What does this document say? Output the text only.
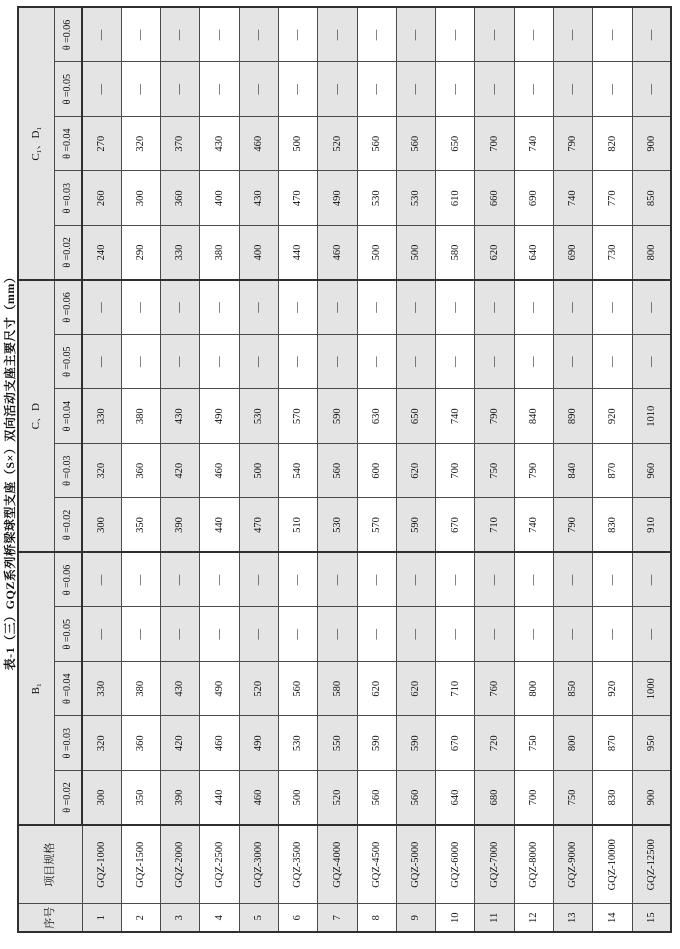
表-1（三）GQZ系列桥梁球型支座（S×）双向活动支座主要尺寸（mm）
序号	项目规格	B₁					C、D					C₁、D₁				
		θ =0.02	θ =0.03	θ =0.04	θ =0.05	θ =0.06	θ =0.02	θ =0.03	θ =0.04	θ =0.05	θ =0.06	θ =0.02	θ =0.03	θ =0.04	θ =0.05	θ =0.06
1	GQZ-1000	300	320	330	—	—	300	320	330	—	—	240	260	270	—	—
2	GQZ-1500	350	360	380	—	—	350	360	380	—	—	290	300	320	—	—
3	GQZ-2000	390	420	430	—	—	390	420	430	—	—	330	360	370	—	—
4	GQZ-2500	440	460	490	—	—	440	460	490	—	—	380	400	430	—	—
5	GQZ-3000	460	490	520	—	—	470	500	530	—	—	400	430	460	—	—
6	GQZ-3500	500	530	560	—	—	510	540	570	—	—	440	470	500	—	—
7	GQZ-4000	520	550	580	—	—	530	560	590	—	—	460	490	520	—	—
8	GQZ-4500	560	590	620	—	—	570	600	630	—	—	500	530	560	—	—
9	GQZ-5000	560	590	620	—	—	590	620	650	—	—	500	530	560	—	—
10	GQZ-6000	640	670	710	—	—	670	700	740	—	—	580	610	650	—	—
11	GQZ-7000	680	720	760	—	—	710	750	790	—	—	620	660	700	—	—
12	GQZ-8000	700	750	800	—	—	740	790	840	—	—	640	690	740	—	—
13	GQZ-9000	750	800	850	—	—	790	840	890	—	—	690	740	790	—	—
14	GQZ-10000	830	870	920	—	—	830	870	920	—	—	730	770	820	—	—
15	GQZ-12500	900	950	1000	—	—	910	960	1010	—	—	800	850	900	—	—
